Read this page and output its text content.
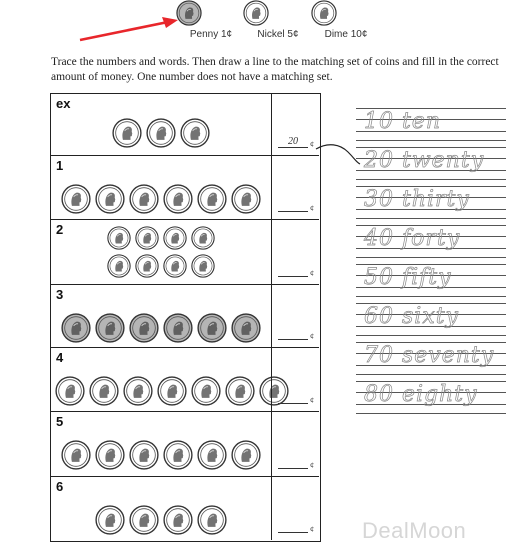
Penny 1¢	Nickel 5¢	Dime 10¢

Trace the numbers and words. Then draw a line to the matching set of coins and fill in the correct amount of money. One number does not have a matching set.

ex
20	¢
1
¢
2
¢
3
¢
4
¢
5
¢
6
¢
10 ten
20 twenty
30 thirty
40 forty
50 fifty
60 sixty
70 seventy
80 eighty
DealMoon
